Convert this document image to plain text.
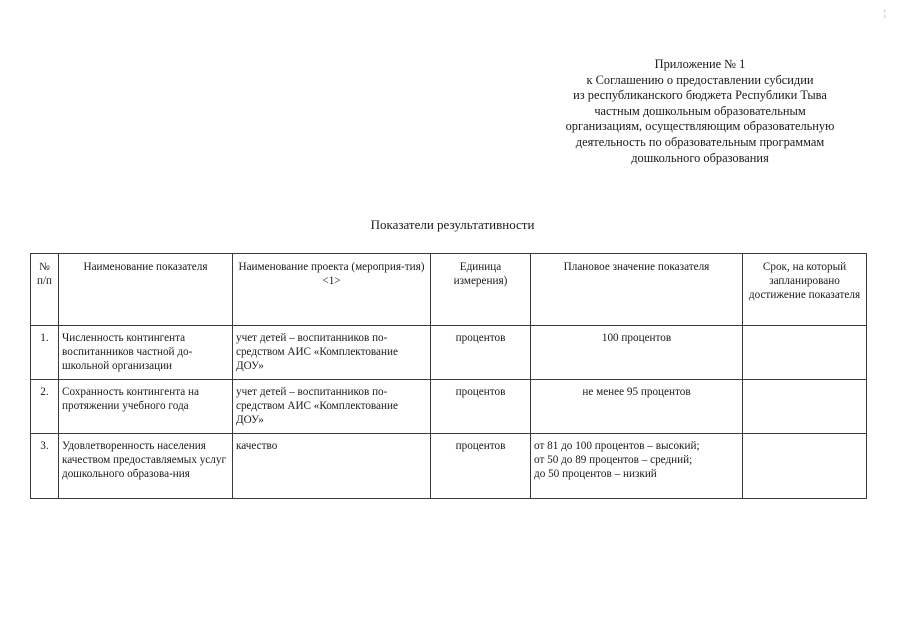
¦
Приложение № 1
к Соглашению о предоставлении субсидии
из республиканского бюджета Республики Тыва
частным дошкольным образовательным
организациям, осуществляющим образовательную
деятельность по образовательным программам
дошкольного образования
Показатели результативности
№ п/п	Наименование показателя	Наименование проекта (мероприя-тия) <1>	Единица измерения)	Плановое значение показателя	Срок, на который запланировано достижение показателя
1.	Численность контингента воспитанников частной до-школьной организации	учет детей – воспитанников по-средством АИС «Комплектование ДОУ»	процентов	100 процентов	

2.	Сохранность контингента на протяжении учебного года	учет детей – воспитанников по-средством АИС «Комплектование ДОУ»	процентов	не менее 95 процентов	

3.	Удовлетворенность населения качеством предоставляемых услуг дошкольного образова-ния	качество	процентов	от 81 до 100 процентов – высокий;
от 50 до 89 процентов – средний;
до 50 процентов – низкий	
